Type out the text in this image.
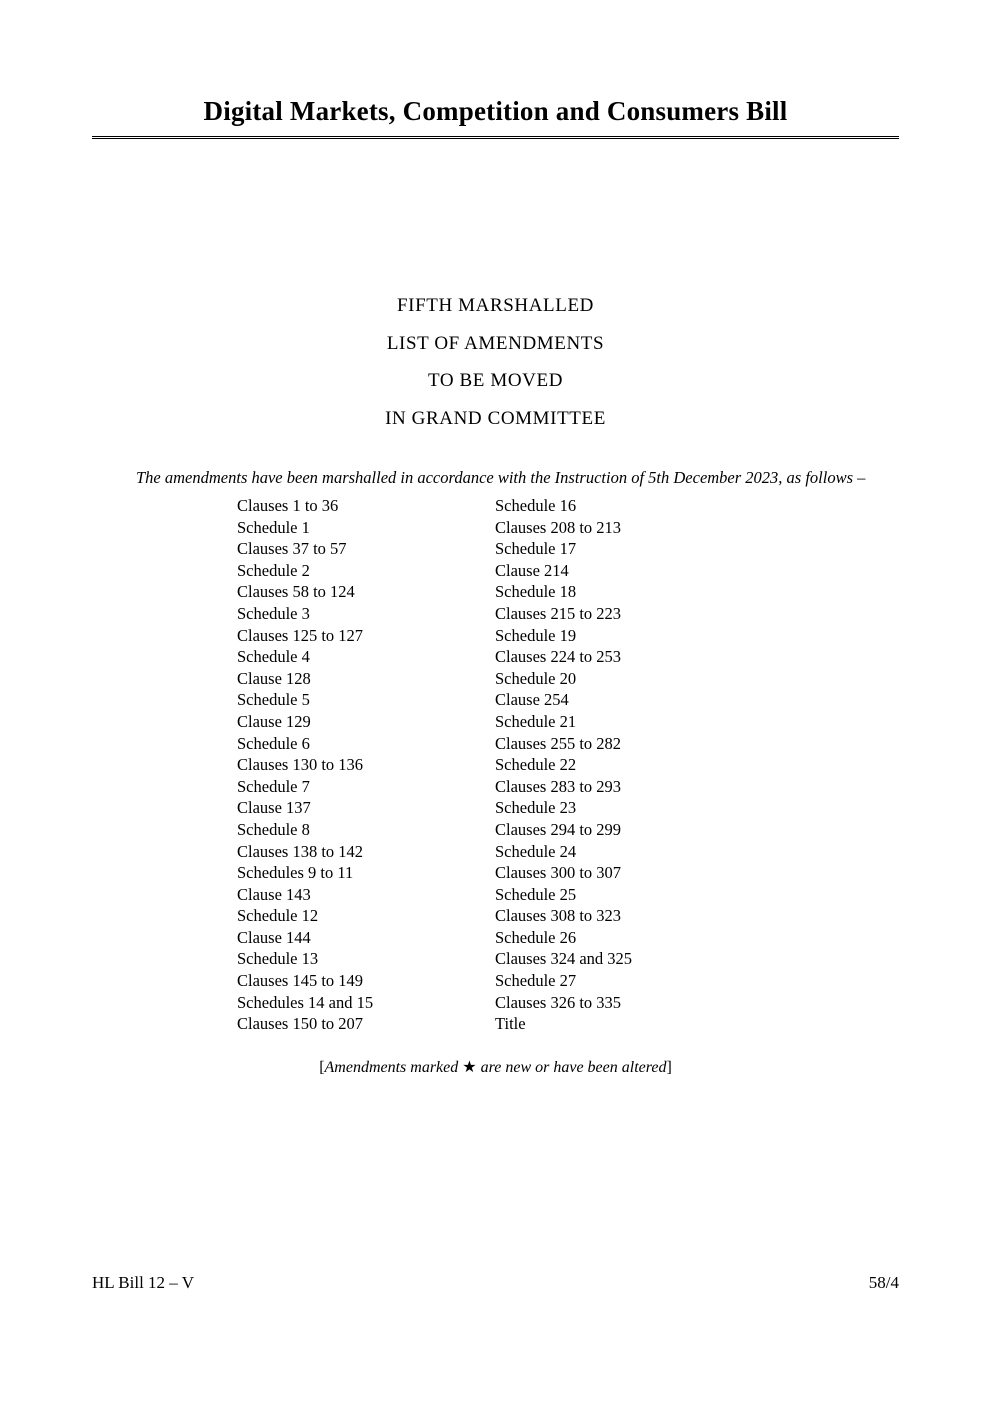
Digital Markets, Competition and Consumers Bill
FIFTH MARSHALLED
LIST OF AMENDMENTS
TO BE MOVED
IN GRAND COMMITTEE
The amendments have been marshalled in accordance with the Instruction of 5th December 2023, as follows –
Clauses 1 to 36
Schedule 1
Clauses 37 to 57
Schedule 2
Clauses 58 to 124
Schedule 3
Clauses 125 to 127
Schedule 4
Clause 128
Schedule 5
Clause 129
Schedule 6
Clauses 130 to 136
Schedule 7
Clause 137
Schedule 8
Clauses 138 to 142
Schedules 9 to 11
Clause 143
Schedule 12
Clause 144
Schedule 13
Clauses 145 to 149
Schedules 14 and 15
Clauses 150 to 207
Schedule 16
Clauses 208 to 213
Schedule 17
Clause 214
Schedule 18
Clauses 215 to 223
Schedule 19
Clauses 224 to 253
Schedule 20
Clause 254
Schedule 21
Clauses 255 to 282
Schedule 22
Clauses 283 to 293
Schedule 23
Clauses 294 to 299
Schedule 24
Clauses 300 to 307
Schedule 25
Clauses 308 to 323
Schedule 26
Clauses 324 and 325
Schedule 27
Clauses 326 to 335
Title
[Amendments marked ★ are new or have been altered]
HL Bill 12 – V	58/4
